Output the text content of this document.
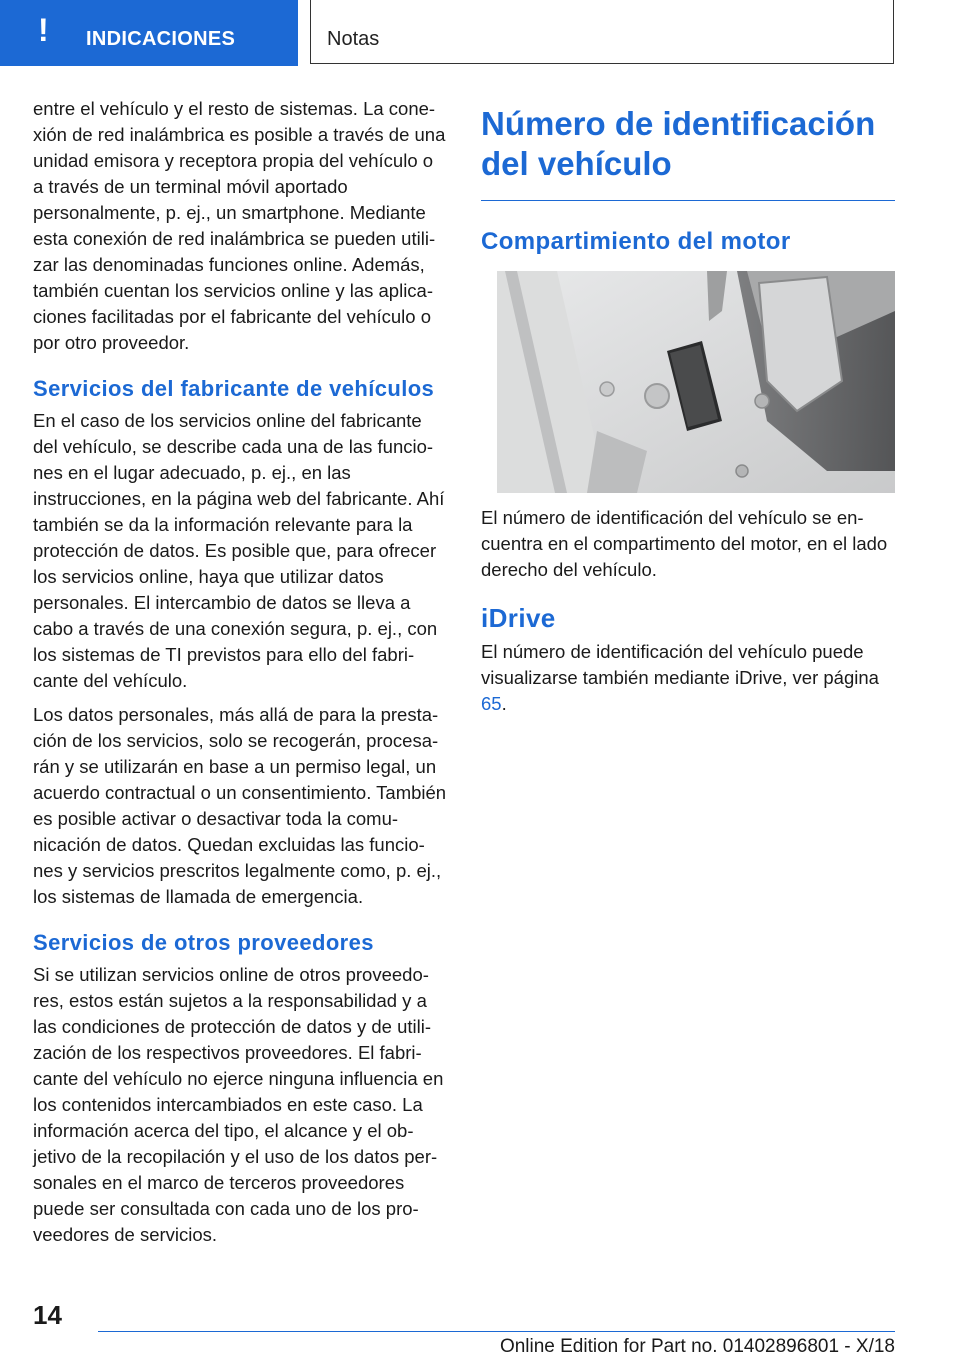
! INDICACIONES	Notas

entre el vehículo y el resto de sistemas. La conexión de red inalámbrica es posible a través de una unidad emisora y receptora propia del vehículo o a través de un terminal móvil aportado personalmente, p. ej., un smartphone. Mediante esta conexión de red inalámbrica se pueden utilizar las denominadas funciones online. Además, también cuentan los servicios online y las aplicaciones facilitadas por el fabricante del vehículo o por otro proveedor.

Servicios del fabricante de vehículos

En el caso de los servicios online del fabricante del vehículo, se describe cada una de las funciones en el lugar adecuado, p. ej., en las instrucciones, en la página web del fabricante. Ahí también se da la información relevante para la protección de datos. Es posible que, para ofrecer los servicios online, haya que utilizar datos personales. El intercambio de datos se lleva a cabo a través de una conexión segura, p. ej., con los sistemas de TI previstos para ello del fabricante del vehículo.

Los datos personales, más allá de para la prestación de los servicios, solo se recogerán, procesarán y se utilizarán en base a un permiso legal, un acuerdo contractual o un consentimiento. También es posible activar o desactivar toda la comunicación de datos. Quedan excluidas las funciones y servicios prescritos legalmente como, p. ej., los sistemas de llamada de emergencia.

Servicios de otros proveedores

Si se utilizan servicios online de otros proveedores, estos están sujetos a la responsabilidad y a las condiciones de protección de datos y de utilización de los respectivos proveedores. El fabricante del vehículo no ejerce ninguna influencia en los contenidos intercambiados en este caso. La información acerca del tipo, el alcance y el objetivo de la recopilación y el uso de los datos personales en el marco de terceros proveedores puede ser consultada con cada uno de los proveedores de servicios.

Número de identificación del vehículo
Compartimiento del motor

El número de identificación del vehículo se encuentra en el compartimento del motor, en el lado derecho del vehículo.

iDrive

El número de identificación del vehículo puede visualizarse también mediante iDrive, ver página 65.

14
Online Edition for Part no. 01402896801 - X/18
